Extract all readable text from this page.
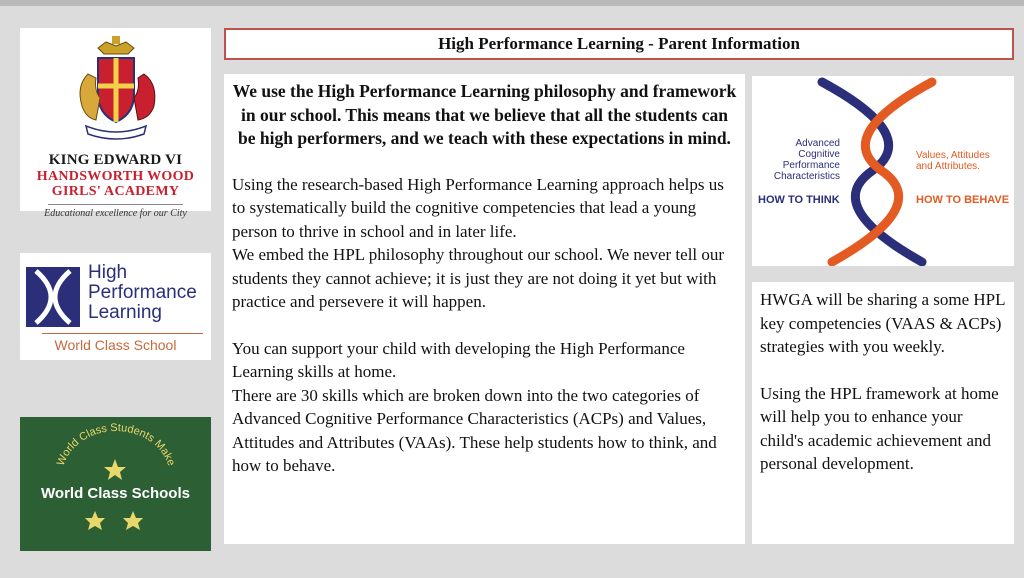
KING EDWARD VI
HANDSWORTH WOOD
GIRLS' ACADEMY
Educational excellence for our City
High
Performance
Learning
World Class School
World Class Students Make
World Class Schools
High Performance Learning - Parent Information
We use the High Performance Learning philosophy and framework in our school. This means that we believe that all the students can be high performers, and we teach with these expectations in mind.

Using the research-based High Performance Learning approach helps us to systematically build the cognitive competencies that lead a young person to thrive in school and in later life.

We embed the HPL philosophy throughout our school. We never tell our students they cannot achieve; it is just they are not doing it yet but with practice and persevere it will happen.

You can support your child with developing the High Performance Learning skills at home.

There are 30 skills which are broken down into the two categories of Advanced Cognitive Performance Characteristics (ACPs) and Values, Attitudes and Attributes (VAAs). These help students how to think, and how to behave.

Advanced Cognitive Performance Characteristics
Values, Attitudes and Attributes.
HOW TO THINK	HOW TO BEHAVE

HWGA will be sharing a some HPL key competencies (VAAS & ACPs) strategies with you weekly.

Using the HPL framework at home will help you to enhance your child's academic achievement and personal development.
